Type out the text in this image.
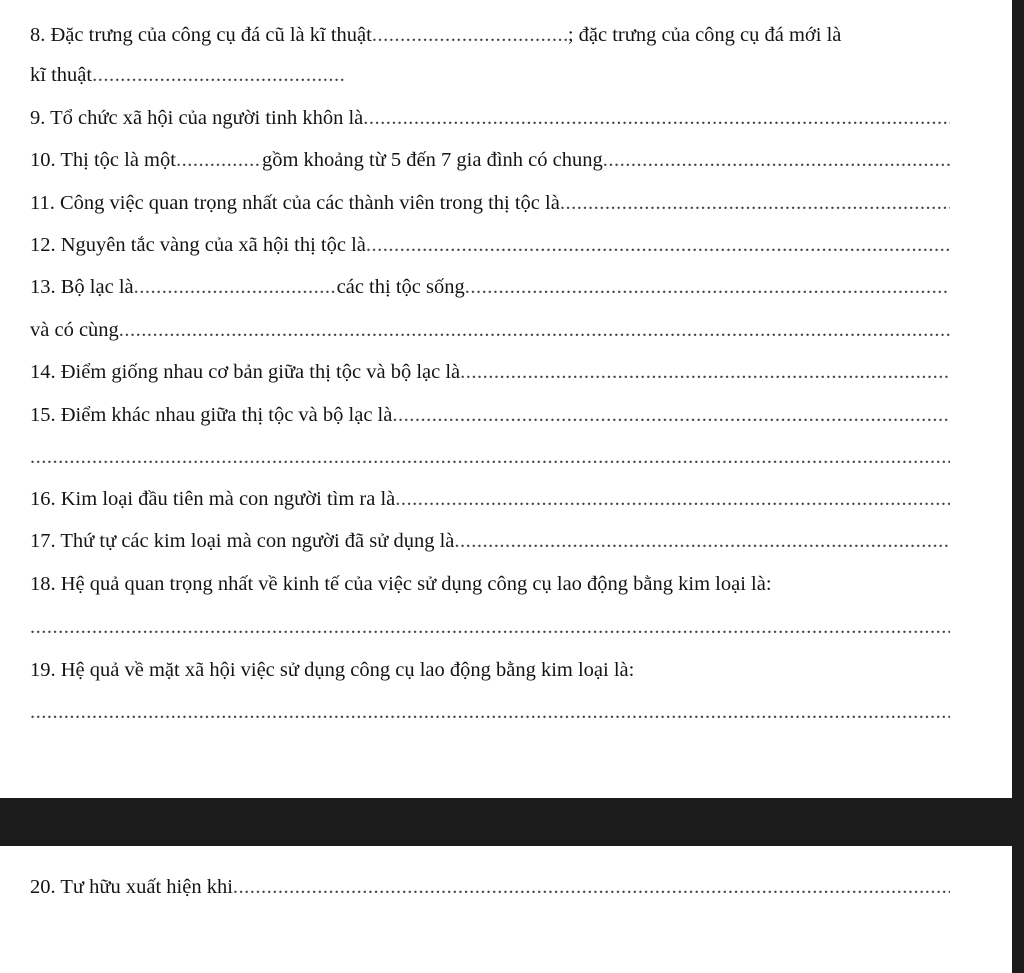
8. Đặc trưng của công cụ đá cũ là kĩ thuật .....	; đặc trưng của công cụ đá mới là
kĩ thuật
.....
9. Tổ chức xã hội của người tinh khôn là
.....
10. Thị tộc là một .....	gồm khoảng từ 5 đến 7 gia đình có chung
.....
11. Công việc quan trọng nhất của các thành viên trong thị tộc là
.....
12. Nguyên tắc vàng của xã hội thị tộc là
.....
13. Bộ lạc là .....	các thị tộc sống
.....
và có cùng
.....
14. Điểm giống nhau cơ bản giữa thị tộc và bộ lạc là
.....
15. Điểm khác nhau giữa thị tộc và bộ lạc là
.....
.....
16. Kim loại đầu tiên mà con người tìm ra là
.....
17. Thứ tự các kim loại mà con người đã sử dụng là
.....
18. Hệ quả quan trọng nhất về kinh tế của việc sử dụng công cụ lao động bằng kim loại là:
.....
19. Hệ quả về mặt xã hội việc sử dụng công cụ lao động bằng kim loại là:
.....
20. Tư hữu xuất hiện khi
.....
